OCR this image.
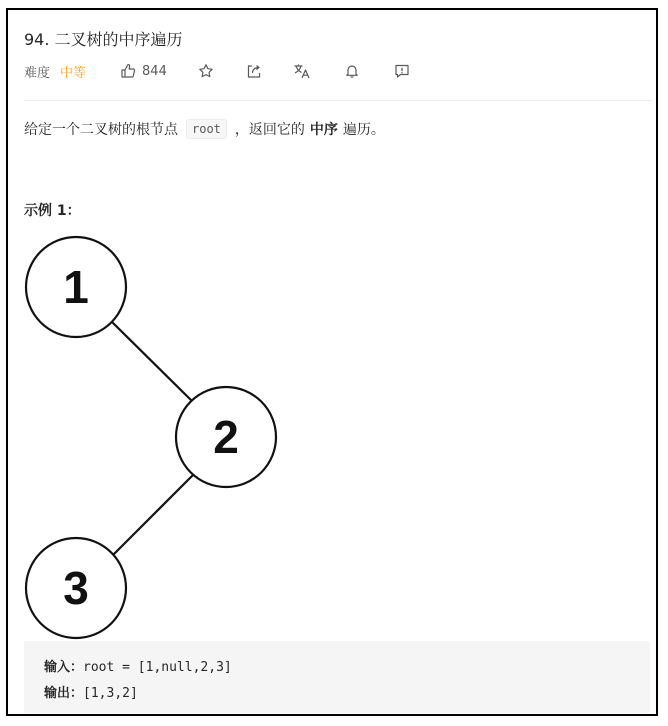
94. 二叉树的中序遍历
难度 中等	844
给定一个二叉树的根节点	root	，返回它的 中序 遍历。
示例 1：
1
2
3
输入：root = [1,null,2,3]
输出：[1,3,2]
